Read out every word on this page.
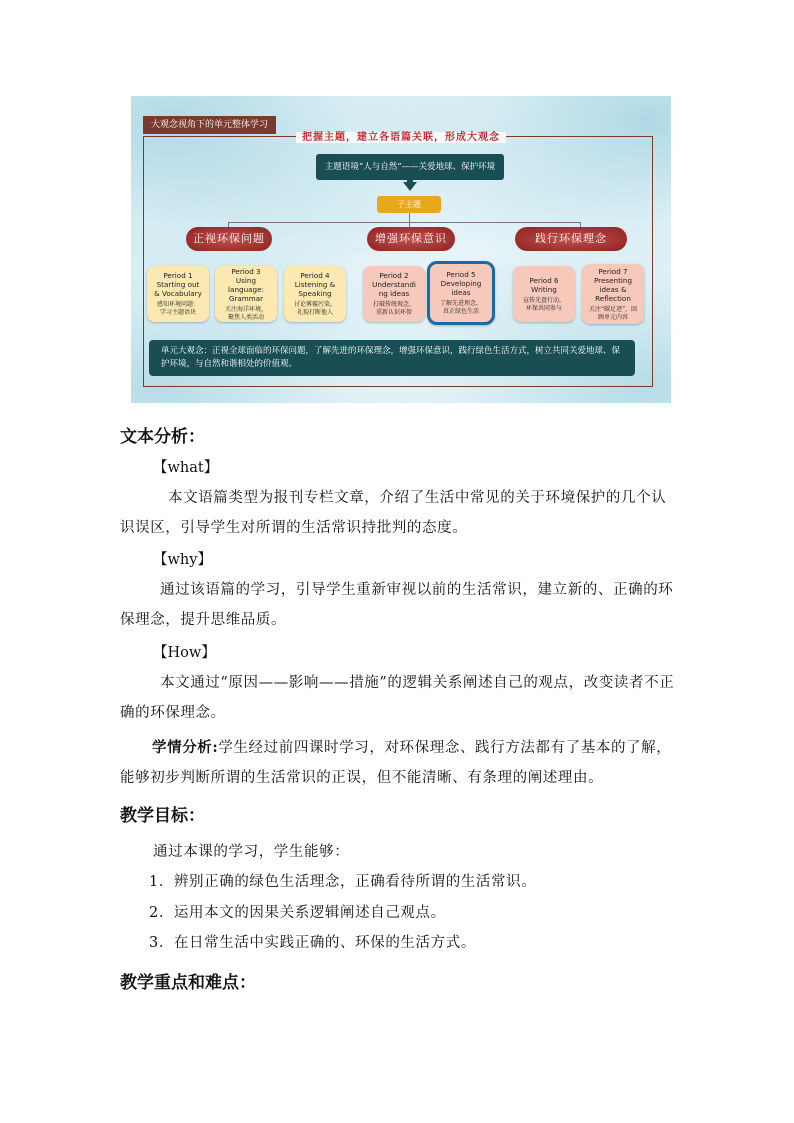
大观念视角下的单元整体学习
把握主题，建立各语篇关联，形成大观念
主题语境“人与自然”——关爱地球、保护环境
子主题
正视环保问题	增强环保意识	践行环保理念
Period 1
Starting out
& Vocabulary
感知环境问题：
学习主题语块
Period 3
Using
language:
Grammar
关注海洋环境，
聚焦人类活动
Period 4
Listening &
Speaking
讨论雾霾污染，
礼貌打断他人
Period 2
Understandi
ng ideas
打破传统观念，
重新认识环保
Period 5
Developing
ideas
了解先进理念，
真正绿色生活
Period 6
Writing
宣传光盘行动，
环保共同参与
Period 7
Presenting
ideas &
Reflection
关注“碳足迹”，回
顾单元内容
单元大观念：正视全球面临的环保问题，了解先进的环保理念，增强环保意识，践行绿色生活方式，树立共同关爱地球、保护环境，与自然和谐相处的价值观。
文本分析：
【what】
本文语篇类型为报刊专栏文章，介绍了生活中常见的关于环境保护的几个认识误区，引导学生对所谓的生活常识持批判的态度。
【why】
通过该语篇的学习，引导学生重新审视以前的生活常识，建立新的、正确的环保理念，提升思维品质。
【How】
本文通过“原因——影响——措施”的逻辑关系阐述自己的观点，改变读者不正确的环保理念。
学情分析:学生经过前四课时学习，对环保理念、践行方法都有了基本的了解，能够初步判断所谓的生活常识的正误，但不能清晰、有条理的阐述理由。
教学目标：
通过本课的学习，学生能够：
1．辨别正确的绿色生活理念，正确看待所谓的生活常识。
2．运用本文的因果关系逻辑阐述自己观点。
3．在日常生活中实践正确的、环保的生活方式。
教学重点和难点：
